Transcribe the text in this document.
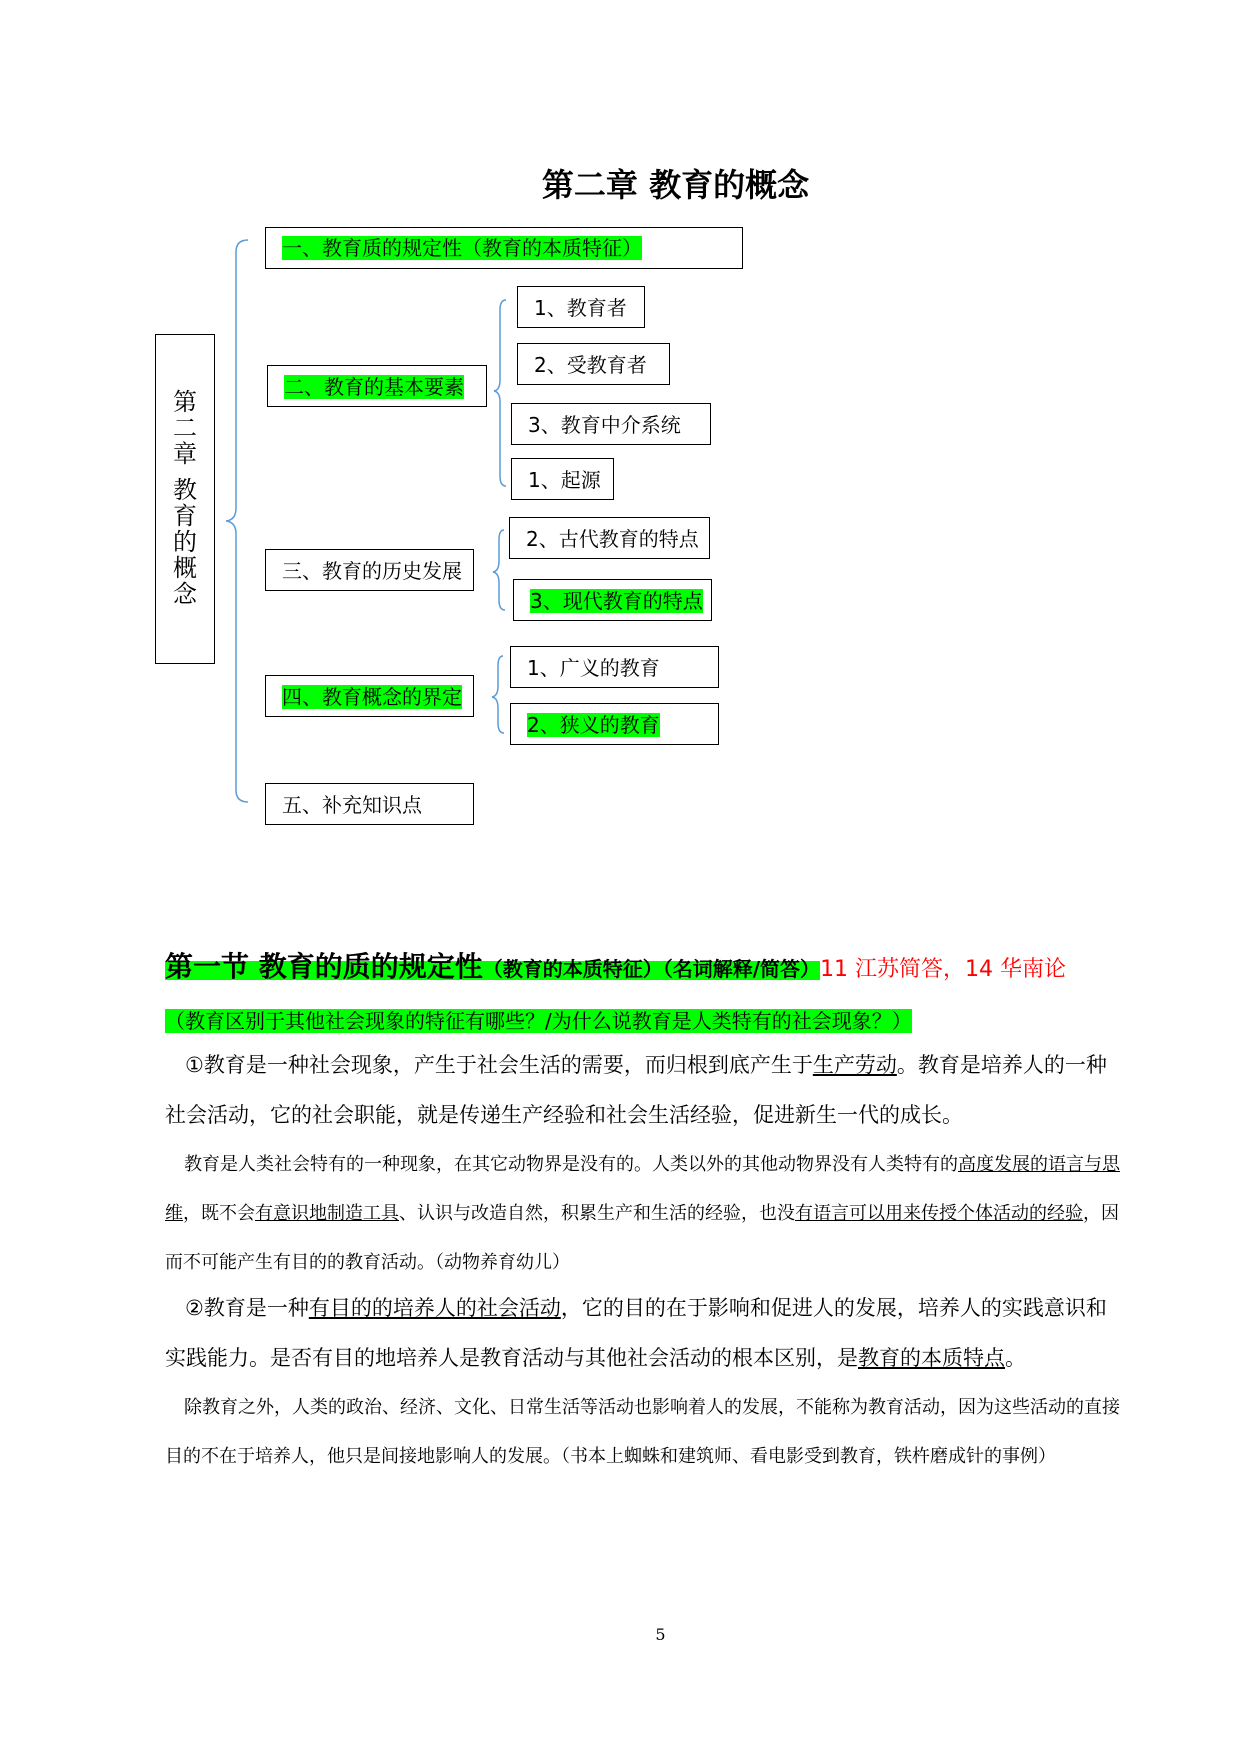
第二章 教育的概念
第
二
章
教
育
的
概
念
一、教育质的规定性（教育的本质特征）
二、教育的基本要素
1、教育者
2、受教育者
3、教育中介系统
三、教育的历史发展
1、起源
2、古代教育的特点
3、现代教育的特点
四、教育概念的界定
1、广义的教育
2、狭义的教育
五、补充知识点
第一节 教育的质的规定性（教育的本质特征）（名词解释/简答）11 江苏简答，14 华南论
（教育区别于其他社会现象的特征有哪些？/为什么说教育是人类特有的社会现象？）
①教育是一种社会现象，产生于社会生活的需要，而归根到底产生于生产劳动。教育是培养人的一种社会活动，它的社会职能，就是传递生产经验和社会生活经验，促进新生一代的成长。
教育是人类社会特有的一种现象，在其它动物界是没有的。人类以外的其他动物界没有人类特有的高度发展的语言与思维，既不会有意识地制造工具、认识与改造自然，积累生产和生活的经验，也没有语言可以用来传授个体活动的经验，因而不可能产生有目的的教育活动。（动物养育幼儿）
②教育是一种有目的的培养人的社会活动，它的目的在于影响和促进人的发展，培养人的实践意识和实践能力。是否有目的地培养人是教育活动与其他社会活动的根本区别，是教育的本质特点。
除教育之外，人类的政治、经济、文化、日常生活等活动也影响着人的发展，不能称为教育活动，因为这些活动的直接目的不在于培养人，他只是间接地影响人的发展。（书本上蜘蛛和建筑师、看电影受到教育，铁杵磨成针的事例）
5
